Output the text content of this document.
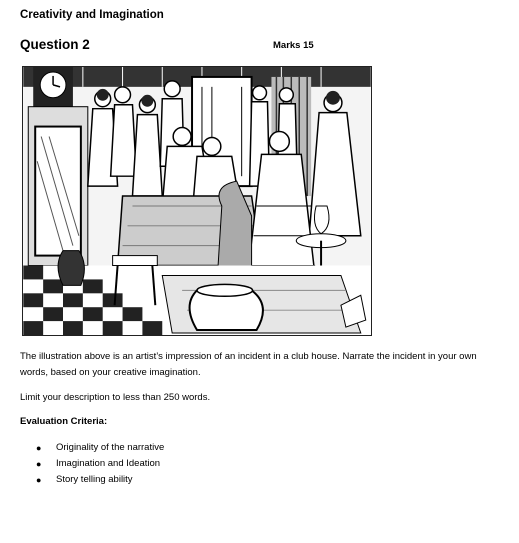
Creativity and Imagination
Question 2	Marks 15
The illustration above is an artist’s impression of an incident in a club house. Narrate the incident in your own words, based on your creative imagination.
Limit your description to less than 250 words.
Evaluation Criteria:
● Originality of the narrative
● Imagination and Ideation
● Story telling ability
